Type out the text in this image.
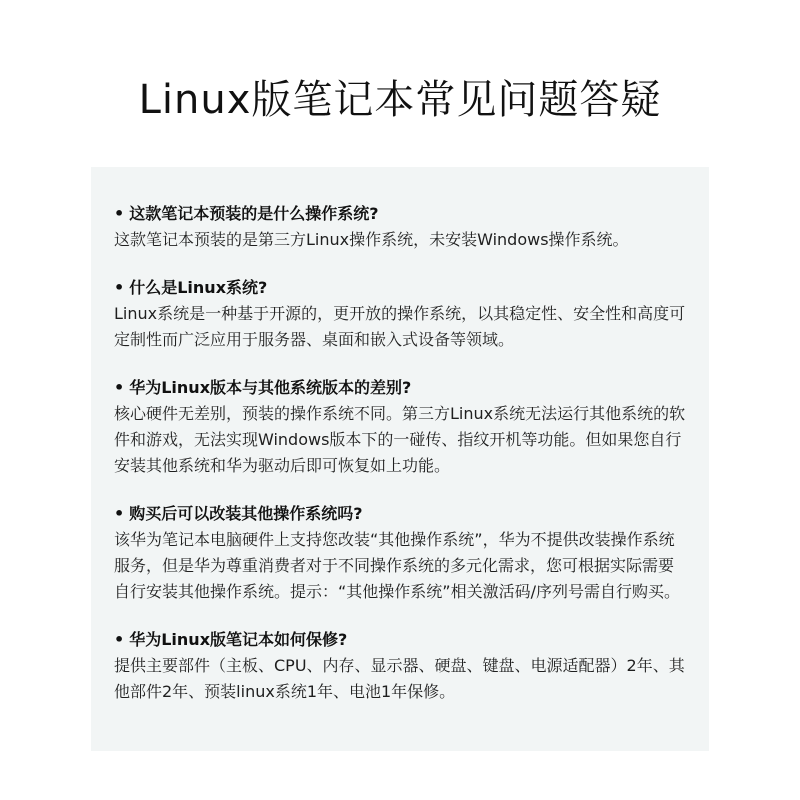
Linux版笔记本常见问题答疑
• 这款笔记本预装的是什么操作系统?
这款笔记本预装的是第三方Linux操作系统，未安装Windows操作系统。
• 什么是Linux系统?
Linux系统是一种基于开源的，更开放的操作系统，以其稳定性、安全性和高度可定制性而广泛应用于服务器、桌面和嵌入式设备等领域。
• 华为Linux版本与其他系统版本的差别?
核心硬件无差别，预装的操作系统不同。第三方Linux系统无法运行其他系统的软件和游戏，无法实现Windows版本下的一碰传、指纹开机等功能。但如果您自行安装其他系统和华为驱动后即可恢复如上功能。
• 购买后可以改装其他操作系统吗?
该华为笔记本电脑硬件上支持您改装“其他操作系统”，华为不提供改装操作系统服务，但是华为尊重消费者对于不同操作系统的多元化需求，您可根据实际需要自行安装其他操作系统。提示：“其他操作系统”相关激活码/序列号需自行购买。
• 华为Linux版笔记本如何保修?
提供主要部件（主板、CPU、内存、显示器、硬盘、键盘、电源适配器）2年、其他部件2年、预装linux系统1年、电池1年保修。
